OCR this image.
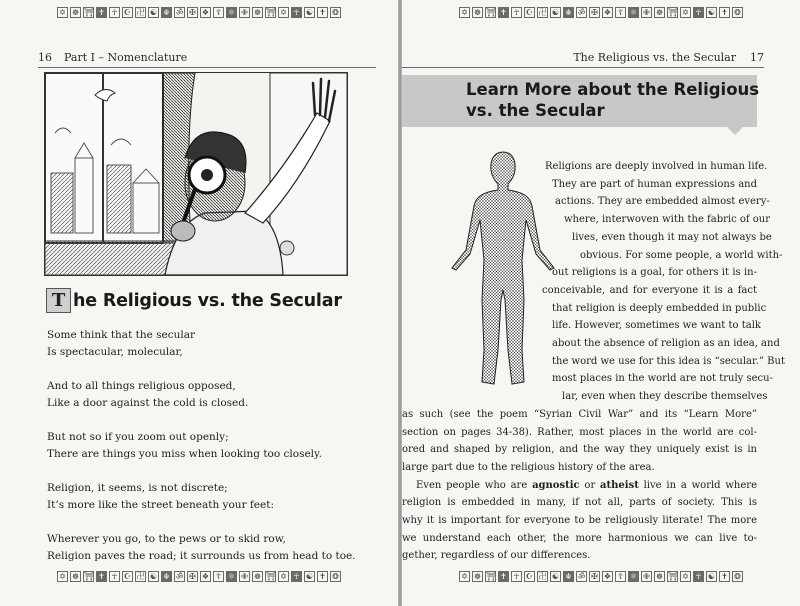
✡ ☸ ⛩ ✝ ☥ ☪ 卍 ☯ ☬ ॐ ✠ ❖ ☦ ⚛ ✙ ☸ ⛩ ✡ ☥ ☯ ✝ ❂
16 Part I – Nomenclature
T he Religious vs. the Secular
Some think that the secular
Is spectacular, molecular,
And to all things religious opposed,
Like a door against the cold is closed.
But not so if you zoom out openly;
There are things you miss when looking too closely.
Religion, it seems, is not discrete;
It’s more like the street beneath your feet:
Wherever you go, to the pews or to skid row,
Religion paves the road; it surrounds us from head to toe.
✡ ☸ ⛩ ✝ ☥ ☪ 卍 ☯ ☬ ॐ ✠ ❖ ☦ ⚛ ✙ ☸ ⛩ ✡ ☥ ☯ ✝ ❂
✡ ☸ ⛩ ✝ ☥ ☪ 卍 ☯ ☬ ॐ ✠ ❖ ☦ ⚛ ✙ ☸ ⛩ ✡ ☥ ☯ ✝ ❂
The Religious vs. the Secular 17
Learn More about the Religious
vs. the Secular
Religions are deeply involved in human life.
They are part of human expressions and
actions. They are embedded almost every-
where, interwoven with the fabric of our
lives, even though it may not always be
obvious. For some people, a world with-
out religions is a goal, for others it is in-
conceivable, and for everyone it is a fact
that religion is deeply embedded in public
life. However, sometimes we want to talk
about the absence of religion as an idea, and
the word we use for this idea is “secular.” But
most places in the world are not truly secu-
lar, even when they describe themselves
as such (see the poem “Syrian Civil War” and its “Learn More”
section on pages 34-38). Rather, most places in the world are col-
ored and shaped by religion, and the way they uniquely exist is in
large part due to the religious history of the area.
Even people who are agnostic or atheist live in a world where
religion is embedded in many, if not all, parts of society. This is
why it is important for everyone to be religiously literate! The more
we understand each other, the more harmonious we can live to-
gether, regardless of our differences.
✡ ☸ ⛩ ✝ ☥ ☪ 卍 ☯ ☬ ॐ ✠ ❖ ☦ ⚛ ✙ ☸ ⛩ ✡ ☥ ☯ ✝ ❂
